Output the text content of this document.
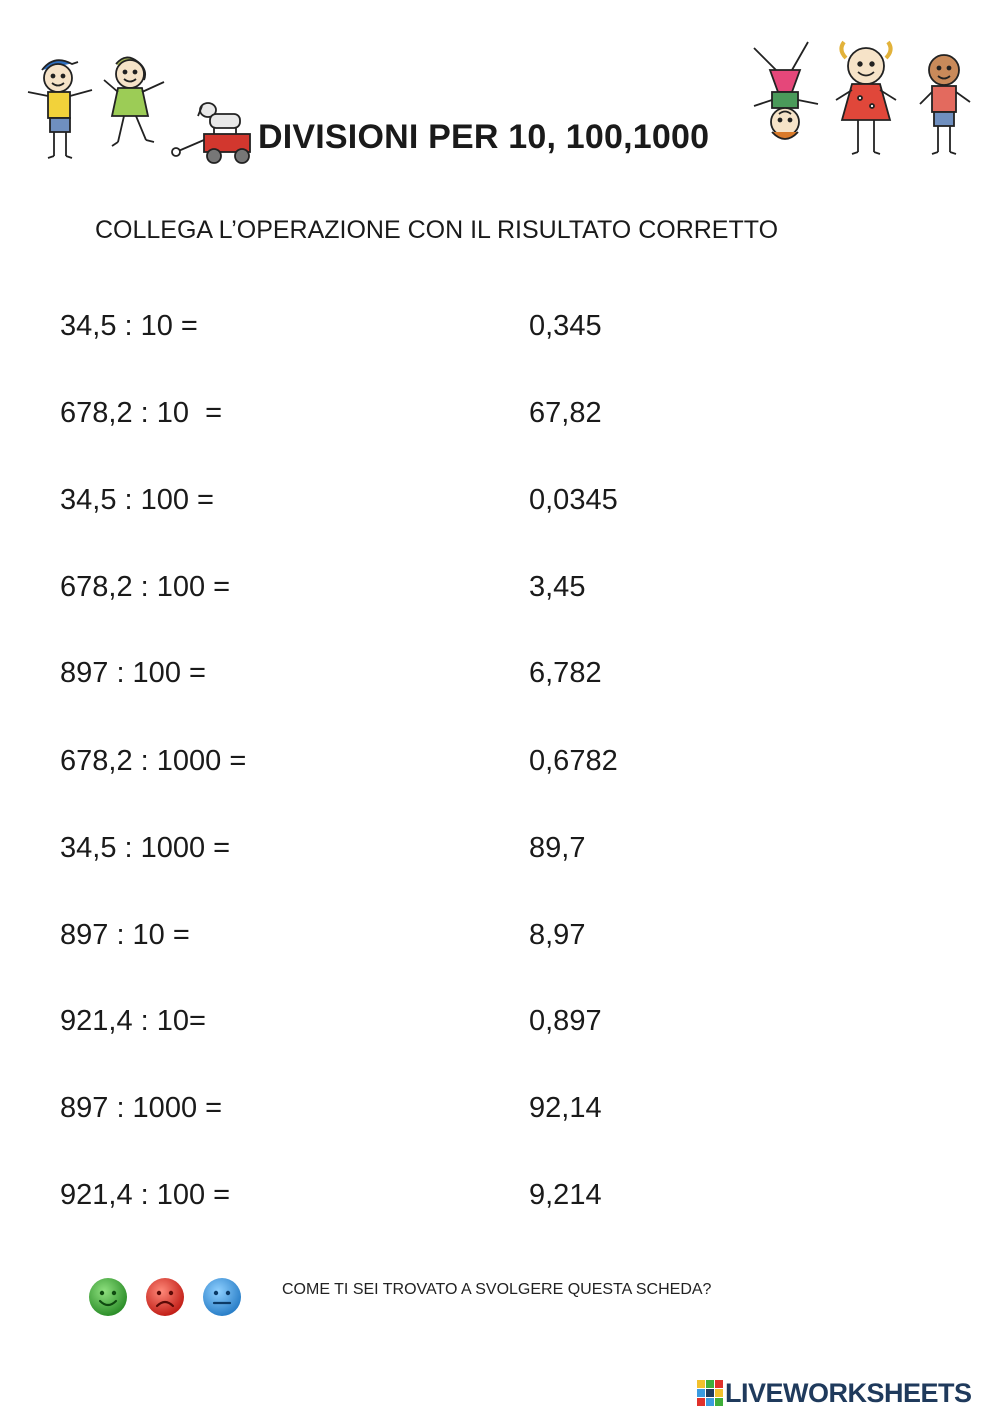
DIVISIONI PER 10, 100,1000
COLLEGA L’OPERAZIONE CON IL RISULTATO CORRETTO
34,5 : 10 =	0,345
678,2 : 10  =	67,82
34,5 : 100 =	0,0345
678,2 : 100 =	3,45
897 : 100 =	6,782
678,2 : 1000 =	0,6782
34,5 : 1000 =	89,7
897 : 10 =	8,97
921,4 : 10=	0,897
897 : 1000 =	92,14
921,4 : 100 =	9,214
COME TI SEI TROVATO A SVOLGERE QUESTA SCHEDA?
LIVEWORKSHEETS
